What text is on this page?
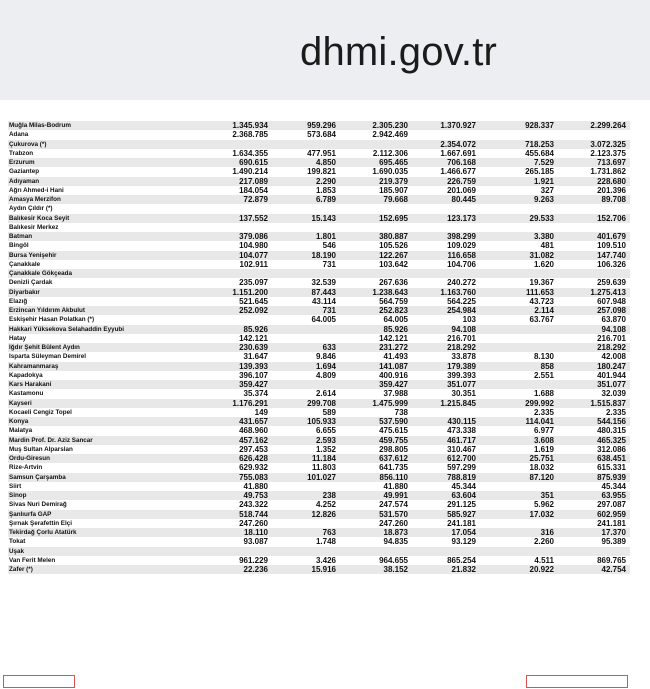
dhmi.gov.tr
Muğla Milas-Bodrum	1.345.934	959.296	2.305.230	1.370.927	928.337	2.299.264
Adana	2.368.785	573.684	2.942.469			
Çukurova (*)				2.354.072	718.253	3.072.325
Trabzon	1.634.355	477.951	2.112.306	1.667.691	455.684	2.123.375
Erzurum	690.615	4.850	695.465	706.168	7.529	713.697
Gaziantep	1.490.214	199.821	1.690.035	1.466.677	265.185	1.731.862
Adıyaman	217.089	2.290	219.379	226.759	1.921	228.680
Ağrı Ahmed-i Hani	184.054	1.853	185.907	201.069	327	201.396
Amasya Merzifon	72.879	6.789	79.668	80.445	9.263	89.708
Aydın Çıldır (*)						
Balıkesir Koca Seyit	137.552	15.143	152.695	123.173	29.533	152.706
Balıkesir Merkez						
Batman	379.086	1.801	380.887	398.299	3.380	401.679
Bingöl	104.980	546	105.526	109.029	481	109.510
Bursa Yenişehir	104.077	18.190	122.267	116.658	31.082	147.740
Çanakkale	102.911	731	103.642	104.706	1.620	106.326
Çanakkale Gökçeada						
Denizli Çardak	235.097	32.539	267.636	240.272	19.367	259.639
Diyarbakır	1.151.200	87.443	1.238.643	1.163.760	111.653	1.275.413
Elazığ	521.645	43.114	564.759	564.225	43.723	607.948
Erzincan Yıldırım Akbulut	252.092	731	252.823	254.984	2.114	257.098
Eskişehir Hasan Polatkan (*)		64.005	64.005	103	63.767	63.870
Hakkari Yüksekova Selahaddin Eyyubi	85.926		85.926	94.108		94.108
Hatay	142.121		142.121	216.701		216.701
Iğdır Şehit Bülent Aydın	230.639	633	231.272	218.292		218.292
Isparta Süleyman Demirel	31.647	9.846	41.493	33.878	8.130	42.008
Kahramanmaraş	139.393	1.694	141.087	179.389	858	180.247
Kapadokya	396.107	4.809	400.916	399.393	2.551	401.944
Kars Harakani	359.427		359.427	351.077		351.077
Kastamonu	35.374	2.614	37.988	30.351	1.688	32.039
Kayseri	1.176.291	299.708	1.475.999	1.215.845	299.992	1.515.837
Kocaeli Cengiz Topel	149	589	738		2.335	2.335
Konya	431.657	105.933	537.590	430.115	114.041	544.156
Malatya	468.960	6.655	475.615	473.338	6.977	480.315
Mardin Prof. Dr. Aziz Sancar	457.162	2.593	459.755	461.717	3.608	465.325
Muş Sultan Alparslan	297.453	1.352	298.805	310.467	1.619	312.086
Ordu-Giresun	626.428	11.184	637.612	612.700	25.751	638.451
Rize-Artvin	629.932	11.803	641.735	597.299	18.032	615.331
Samsun Çarşamba	755.083	101.027	856.110	788.819	87.120	875.939
Siirt	41.880		41.880	45.344		45.344
Sinop	49.753	238	49.991	63.604	351	63.955
Sivas Nuri Demirağ	243.322	4.252	247.574	291.125	5.962	297.087
Şanlıurfa GAP	518.744	12.826	531.570	585.927	17.032	602.959
Şırnak Şerafettin Elçi	247.260		247.260	241.181		241.181
Tekirdağ Çorlu Atatürk	18.110	763	18.873	17.054	316	17.370
Tokat	93.087	1.748	94.835	93.129	2.260	95.389
Uşak						
Van Ferit Melen	961.229	3.426	964.655	865.254	4.511	869.765
Zafer (*)	22.236	15.916	38.152	21.832	20.922	42.754
